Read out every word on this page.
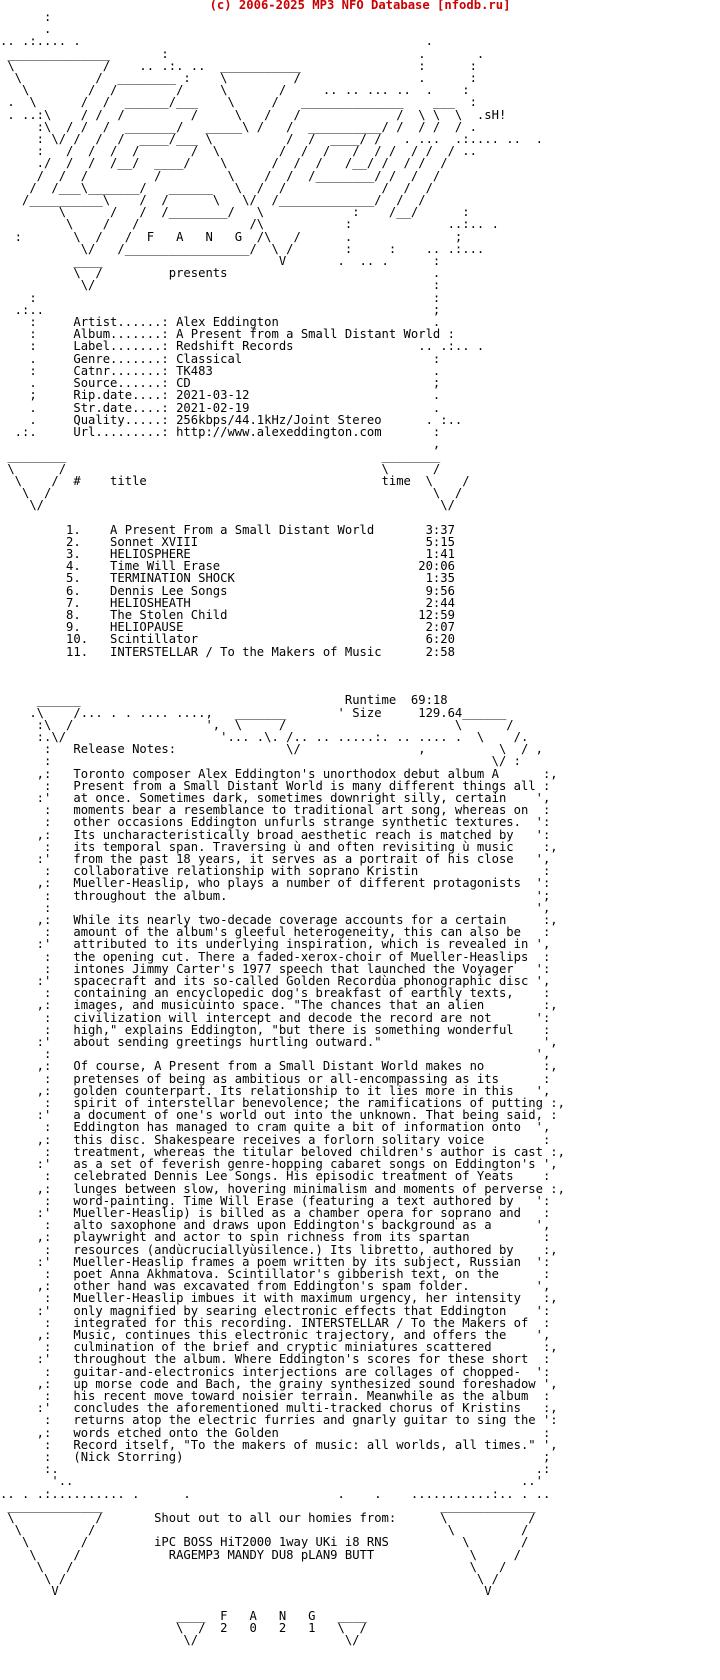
(c) 2006-2025 MP3 NFO Database [nfodb.ru]
:
.
.. .:.... .                                               .
______________       :                                  .       .
\            /    .. .:. ..  ___________                :      :
\          /  ________ :    \         /                .      :
\        /  /        /     \       /     .. .. ... ..  .    :
.  \      /  /  ______/___    \     /   ______________    ___  :
. ..:\    / /  /         /     \   /   /             /  \ \  \  .sH!
:\  / /  /  _______/   _____\ /   /  __________/ /  / /  / .
: \/ /  /  /  ____/___ \          /  /  ____/ /   . ...  .:.... ..  .
:   /  /  /  /       /  \        /  /  /   /  / /  / /  / ..
./  /  /  /__/  ____/    \      /  /  /   /__/ /  / /  /
/  /  /         /         \    /  /  /________/ /  /  /
/  /___\_______/   ______   \  /  /             /  /  /
/__________\    /  /      \   \/  /_____________/  /  /
\      /   /  /________/   \            :    /__/      :
\    /   /               /\           :             ..:.. .
:       \  /   /  F   A   N   G  /\   /      .              ;
\/   /_________________/  \ /       :     :    .. .:...
____                        V       .  .. .      :
\  /         presents                            .
\/                                              :
:                                                      :
.:..                                                     ;
:     Artist......: Alex Eddington                     .
:     Album.......: A Present from a Small Distant World :
:     Label.......: Redshift Records                 .. .:.. .
.     Genre.......: Classical                          :
:     Catnr.......: TK483                              .
.     Source......: CD                                 ;
;     Rip.date....: 2021-03-12                         .
.     Str.date....: 2021-02-19                         .
.     Quality.....: 256kbps/44.1kHz/Joint Stereo      . :..
.:.     Url.........: http://www.alexeddington.com       :
,
________                                           ________
\      /                                           \      /
\    /  #    title                                time  \    /
\  /                                                    \  /
\/                                                      \/

1.    A Present From a Small Distant World       3:37
2.    Sonnet XVIII                               5:15
3.    HELIOSPHERE                                1:41
4.    Time Will Erase                           20:06
5.    TERMINATION SHOCK                          1:35
6.    Dennis Lee Songs                           9:56
7.    HELIOSHEATH                                2:44
8.    The Stolen Child                          12:59
9.    HELIOPAUSE                                 2:07
10.   Scintillator                               6:20
11.   INTERSTELLAR / To the Makers of Music      2:58

______                                    Runtime  69:18
.\    /... . . .... ....,   _______       ' Size     129.64______
:\  /                  ',  \     /                       \      /
:.\/                     '... .\. /.. .. .....:. .. .... .  \    /.
:   Release Notes:               \/                ,          \  / ,
:                                                            \/ :
,:   Toronto composer Alex Eddington's unorthodox debut album A      :,
:   Present from a Small Distant World is many different things all :
:'   at once. Sometimes dark, sometimes downright silly, certain    ',
:   moments bear a resemblance to traditional art song, whereas on  :
:   other occasions Eddington unfurls strange synthetic textures.  ':
,:   Its uncharacteristically broad aesthetic reach is matched by   ':
:   its temporal span. Traversing ù and often revisiting ù music    :,
:'   from the past 18 years, it serves as a portrait of his close   ',
:   collaborative relationship with soprano Kristin                 :
,:   Mueller-Heaslip, who plays a number of different protagonists  ':
:   throughout the album.                                          ';
:                                                                  ',
,:   While its nearly two-decade coverage accounts for a certain     :,
:   amount of the album's gleeful heterogeneity, this can also be   :
:'   attributed to its underlying inspiration, which is revealed in ',
:   the opening cut. There a faded-xerox-choir of Mueller-Heaslips  :
:   intones Jimmy Carter's 1977 speech that launched the Voyager   ':
:'   spacecraft and its so-called Golden Recordùa phonographic disc ',
:   containing an encyclopedic dog's breakfast of earthly texts,    :
,:   images, and musicùinto space. "The chances that an alien        :,
:   civilization will intercept and decode the record are not      ':
:   high," explains Eddington, "but there is something wonderful    :
:'   about sending greetings hurtling outward."                      ',
:                                                                  ',
,:   Of course, A Present from a Small Distant World makes no        :,
:   pretenses of being as ambitious or all-encompassing as its      :
,:   golden counterpart. Its relationship to it lies more in this   ',
:   spirit of interstellar benevolence; the ramifications of putting :,
:'   a document of one's world out into the unknown. That being said, :
:   Eddington has managed to cram quite a bit of information onto  ',
,:   this disc. Shakespeare receives a forlorn solitary voice        :
:   treatment, whereas the titular beloved children's author is cast :,
:'   as a set of feverish genre-hopping cabaret songs on Eddington's ',
:   celebrated Dennis Lee Songs. His episodic treatment of Yeats    :
,:   lunges between slow, hovering minimalism and moments of perverse :,
:   word-painting. Time Will Erase (featuring a text authored by   ':
:'   Mueller-Heaslip) is billed as a chamber opera for soprano and   :
:   alto saxophone and draws upon Eddington's background as a      ',
,:   playwright and actor to spin richness from its spartan          :
:   resources (andùcruciallyùsilence.) Its libretto, authored by    :,
:'   Mueller-Heaslip frames a poem written by its subject, Russian  ':
:   poet Anna Akhmatova. Scintillator's gibberish text, on the      :
,:   other hand was excavated from Eddington's spam folder.         ',
:   Mueller-Heaslip imbues it with maximum urgency, her intensity   :,
:'   only magnified by searing electronic effects that Eddington    ':
:   integrated for this recording. INTERSTELLAR / To the Makers of  :
,:   Music, continues this electronic trajectory, and offers the    ',
:   culmination of the brief and cryptic miniatures scattered       :,
:'   throughout the album. Where Eddington's scores for these short  :
:   guitar-and-electronics interjections are collages of chopped-  ':
,:   up morse code and Bach, the grainy synthesized sound foreshadow ',
:   his recent move toward noisier terrain. Meanwhile as the album  :
:'   concludes the aforementioned multi-tracked chorus of Kristins   :,
:   returns atop the electric furries and gnarly guitar to sing the ':
,:   words etched onto the Golden                                    :
:   Record itself, "To the makers of music: all worlds, all times." ',
:   (Nick Storring)                                                 ;
:.                                                                 .:
'..                                                             ..'
.. . .:.......... .      .                    .    .    ...........:.. . ..
_____________                                              _____________
\           /       Shout out to all our homies from:      \           /
\         /                                                \         /
\       /         iPC BOSS HiT2000 1way UKi i8 RNS          \       /
\     /            RAGEMP3 MANDY DU8 pLAN9 BUTT             \     /
\   /                                                      \   /
\ /                                                        \ /
V                                                          V

____  F   A   N   G   ____
\  /  2   0   2   1   \  /
\/                    \/
